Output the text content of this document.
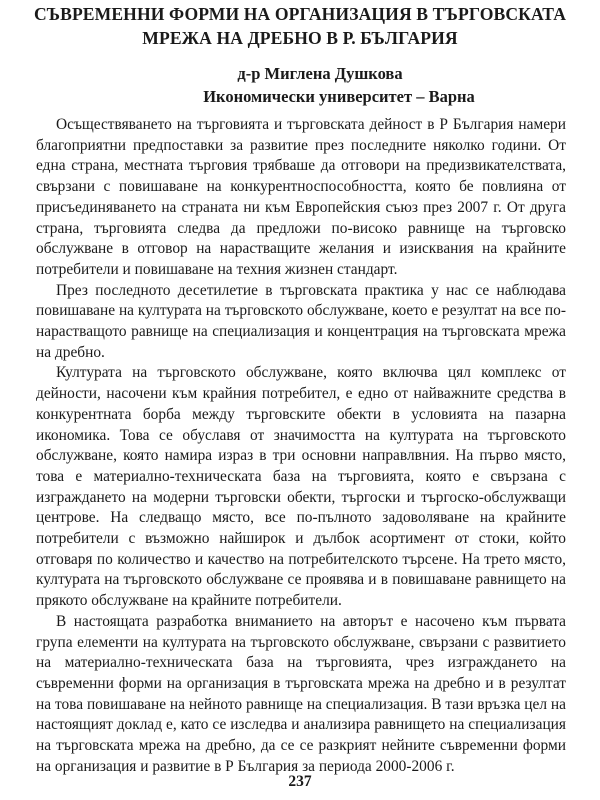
СЪВРЕМЕННИ ФОРМИ НА ОРГАНИЗАЦИЯ В ТЪРГОВСКАТА
МРЕЖА НА ДРЕБНО В Р. БЪЛГАРИЯ
д-р Миглена Душкова
Икономически университет – Варна

Осъществяването на търговията и търговската дейност в Р България намери благоприятни предпоставки за развитие през последните няколко години. От една страна, местната търговия трябваше да отговори на предизвикателствата, свързани с повишаване на конкурентноспособността, която бе повлияна от присъединяването на страната ни към Европейския съюз през 2007 г. От друга страна, търговията следва да предложи по-високо равнище на търговско обслужване в отговор на нарастващите желания и изисквания на крайните потребители и повишаване на техния жизнен стандарт.

През последното десетилетие в търговската практика у нас се наблюдава повишаване на културата на търговското обслужване, което е резултат на все по-нарастващото равнище на специализация и концентрация на търговската мрежа на дребно.

Културата на търговското обслужване, която включва цял комплекс от дейности, насочени към крайния потребител, е едно от найважните средства в конкурентната борба между търговските обекти в условията на пазарна икономика. Това се обуславя от значимостта на културата на търговското обслужване, която намира израз в три основни направлвния. На първо място, това е материално-техническата база на търговията, която е свързана с изграждането на модерни търговски обекти, търгоски и търгоско-обслужващи центрове. На следващо място, все по-пълното задоволяване на крайните потребители с възможно найширок и дълбок асортимент от стоки, който отговаря по количество и качество на потребителското търсене. На трето място, културата на търговското обслужване се проявява и в повишаване равнището на прякото обслужване на крайните потребители.

В настоящата разработка вниманието на авторът е насочено към първата група елементи на културата на търговското обслужване, свързани с развитието на материално-техническата база на търговията, чрез изграждането на съвременни форми на организация в търговската мрежа на дребно и в резултат на това повишаване на нейното равнище на специализация. В тази връзка цел на настоящият доклад е, като се изследва и анализира равнището на специализация на търговската мрежа на дребно, да се се разкрият нейните съвременни форми на организация и развитие в Р България за периода 2000-2006 г.

237
